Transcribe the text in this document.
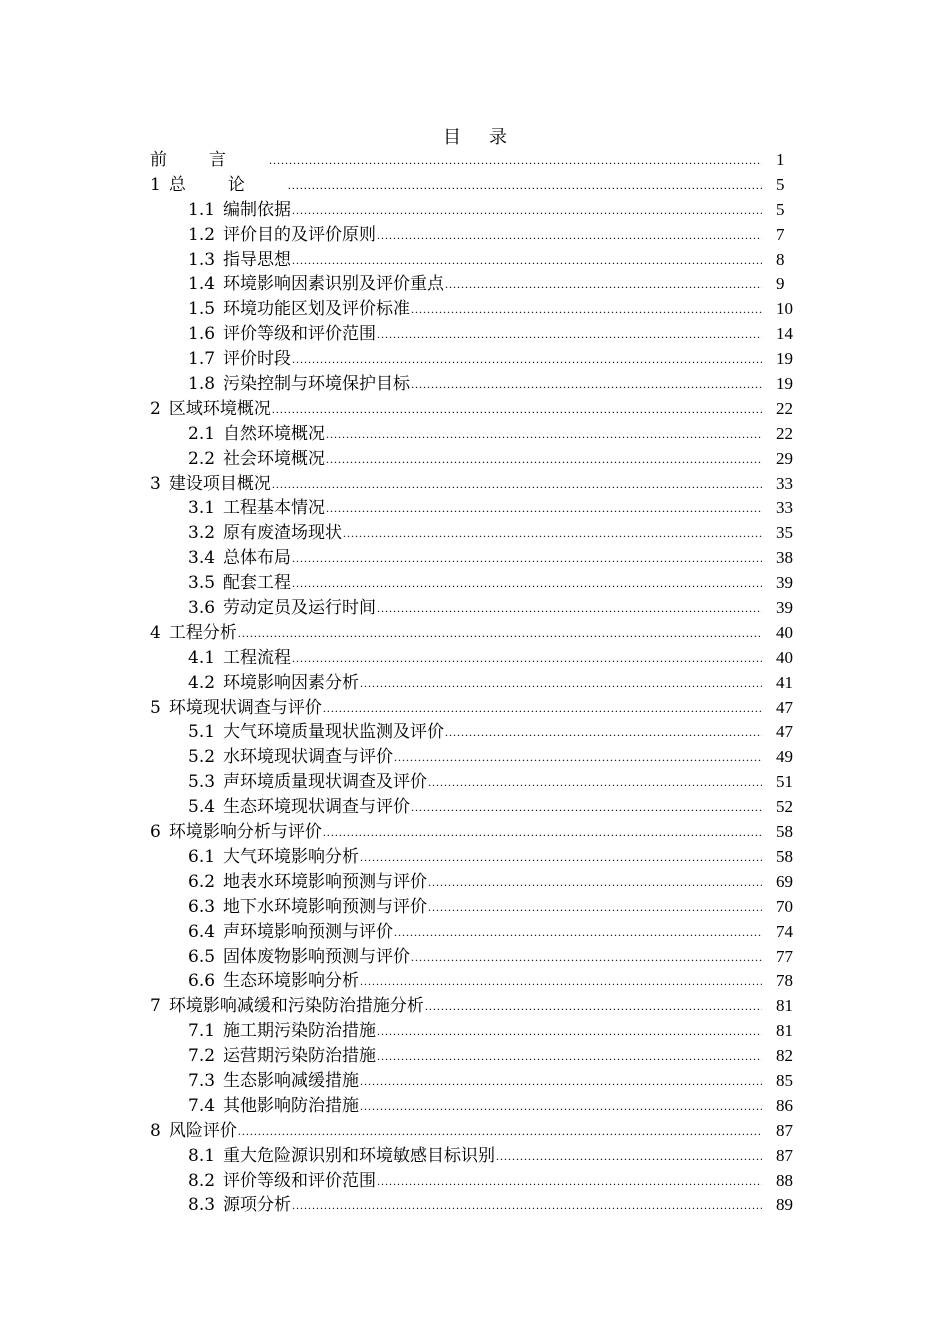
目录
前言 .....	1
1 总论 .....	5
1.1 编制依据 .....	5
1.2 评价目的及评价原则 .....	7
1.3 指导思想 .....	8
1.4 环境影响因素识别及评价重点 .....	9
1.5 环境功能区划及评价标准 .....	10
1.6 评价等级和评价范围 .....	14
1.7 评价时段 .....	19
1.8 污染控制与环境保护目标 .....	19
2 区域环境概况 .....	22
2.1 自然环境概况 .....	22
2.2 社会环境概况 .....	29
3 建设项目概况 .....	33
3.1 工程基本情况 .....	33
3.2 原有废渣场现状 .....	35
3.4 总体布局 .....	38
3.5 配套工程 .....	39
3.6 劳动定员及运行时间 .....	39
4 工程分析 .....	40
4.1 工程流程 .....	40
4.2 环境影响因素分析 .....	41
5 环境现状调查与评价 .....	47
5.1 大气环境质量现状监测及评价 .....	47
5.2 水环境现状调查与评价 .....	49
5.3 声环境质量现状调查及评价 .....	51
5.4 生态环境现状调查与评价 .....	52
6 环境影响分析与评价 .....	58
6.1 大气环境影响分析 .....	58
6.2 地表水环境影响预测与评价 .....	69
6.3 地下水环境影响预测与评价 .....	70
6.4 声环境影响预测与评价 .....	74
6.5 固体废物影响预测与评价 .....	77
6.6 生态环境影响分析 .....	78
7 环境影响减缓和污染防治措施分析 .....	81
7.1 施工期污染防治措施 .....	81
7.2 运营期污染防治措施 .....	82
7.3 生态影响减缓措施 .....	85
7.4 其他影响防治措施 .....	86
8 风险评价 .....	87
8.1 重大危险源识别和环境敏感目标识别 .....	87
8.2 评价等级和评价范围 .....	88
8.3 源项分析 .....	89
